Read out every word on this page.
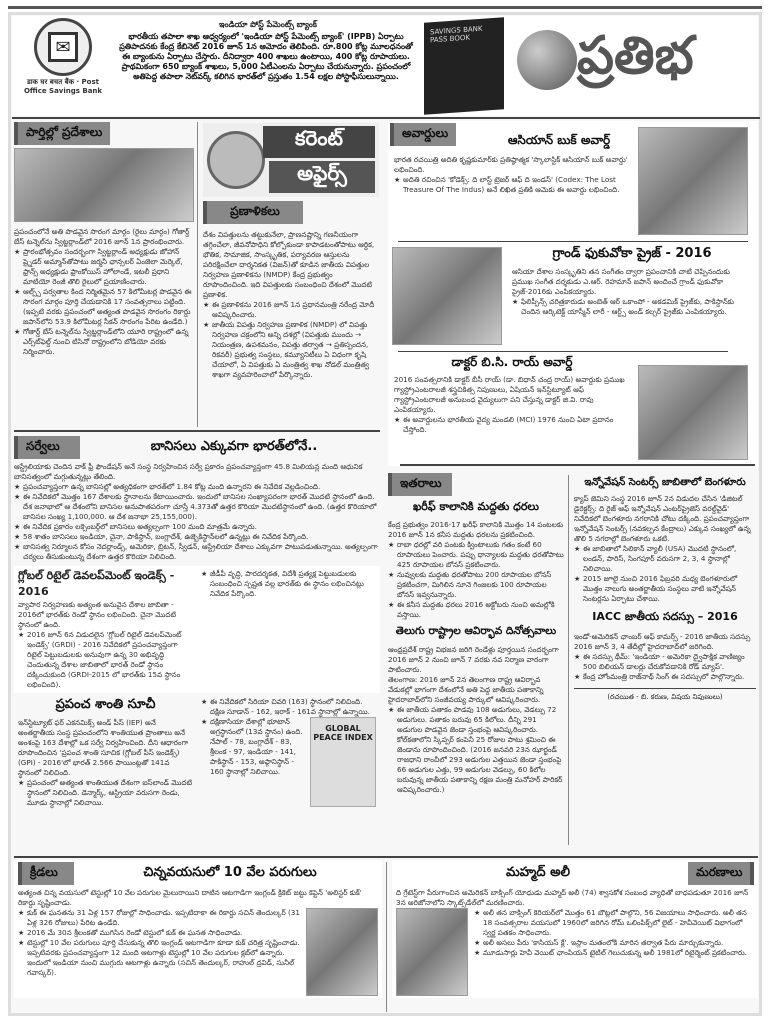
✉
डाक घर बचत बैंक · Post Office Savings Bank
ఇండియా పోస్ట్ పేమెంట్స్ బ్యాంక్
భారతీయ తపాలా శాఖ ఆధ్వర్యంలో 'ఇండియా పోస్ట్ పేమెంట్స్ బ్యాంక్' (IPPB) ఏర్పాటు ప్రతిపాదనకు కేంద్ర కేబినెట్ 2016 జూన్ 1న ఆమోదం తెలిపింది. రూ.800 కోట్ల మూలధనంతో ఈ బ్యాంకును ఏర్పాటు చేస్తారు. దీనిద్వారా 400 శాఖలు ఉంటాయి, 400 కోట్ల రూపాయలు. ప్రాథమికంగా 650 బ్యాంక్ శాఖలు, 5,000 ఏటీఎంలను ఏర్పాటు చేయనున్నారు. ప్రపంచంలో అతిపెద్ద తపాలా నెట్‌వర్క్ కలిగిన భారత్‌లో ప్రస్తుతం 1.54 లక్షల పోస్టాఫీసులున్నాయి.
SAVINGS BANK PASS BOOK	ప్రతిభ
పార్తిల్లో ప్రదేశాలు

ప్రపంచంలోనే అతి పొడవైన సొరంగ మార్గం (రైలు మార్గం) గోతార్డ్ బేస్ టన్నెల్‌ను స్విట్జర్లాండ్‌లో 2016 జూన్ 1న ప్రారంభించారు.

★ ప్రారంభోత్సవం సందర్భంగా స్విట్జర్లాండ్ అధ్యక్షుడు జోహాన్ ష్నైడర్ అమ్మాన్‌తోపాటు జర్మనీ ఛాన్సలర్ ఏంజెలా మెర్కెల్, ఫ్రాన్స్ అధ్యక్షుడు ఫ్రాంకోయిస్ హోలాండే, ఇటలీ ప్రధాని మాటియో రెంజీ తొలి రైలులో ప్రయాణించారు.
★ ఆల్ప్స్ పర్వతాల కింద నిర్మితమైన 57 కిలోమీటర్ల పొడవైన ఈ సొరంగ మార్గం పూర్తి చేయడానికి 17 సంవత్సరాలు పట్టింది. (ఇప్పటి వరకు ప్రపంచంలో అత్యంత పొడవైన సొరంగం రికార్డు జపాన్‌లోని 53.9 కిలోమీటర్ల సీకన్ సొరంగం పేరిట ఉండేది.)
★ గోతార్డ్ బేస్ టన్నెల్‌ను స్విట్జర్లాండ్‌లోని యూరి రాష్ట్రంలో ఉన్న ఎర్స్‌ట్‌ఫెల్డ్ నుంచి టిసినో రాష్ట్రంలోని బోడియో వరకు నిర్మించారు.
కరెంట్
అఫైర్స్
ప్రణాళికలు

దేశం విపత్తులను తట్టుకునేలా, ప్రాణనష్టాన్ని గణనీయంగా తగ్గించేలా, జీవనోపాధిని కోల్పోకుండా కాపాడటంతోపాటు ఆర్థిక, భౌతిక, సామాజిక, సాంస్కృతిక, పర్యావరణ ఆస్తులను పరిరక్షించేలా దార్శనికత (విజన్)తో కూడిన జాతీయ విపత్తుల నిర్వహణ ప్రణాళికను (NMDP) కేంద్ర ప్రభుత్వం రూపొందించింది. ఇది విపత్తులకు సంబంధించి దేశంలో మొదటి ప్రణాళిక.

★ ఈ ప్రణాళికను 2016 జూన్ 1న ప్రధానమంత్రి నరేంద్ర మోదీ ఆవిష్కరించారు.
★ జాతీయ విపత్తు నిర్వహణ ప్రణాళిక (NMDP) లో విపత్తు నిర్వహణ చక్రంలోని అన్ని దశల్లో (విపత్తుకు ముందు → నియంత్రణ, ఉపశమనం, విపత్తు తర్వాత → ప్రతిస్పందన, రికవరీ) ప్రభుత్వ సంస్థలు, కమ్యూనిటీలు ఏ విధంగా కృషి చేయాలో, ఏ విపత్తుకు ఏ మంత్రిత్వ శాఖ నోడల్ మంత్రిత్వ శాఖగా వ్యవహరించాలో పేర్కొన్నారు.
అవార్డులు	ఆసియాన్ బుక్ అవార్డ్

భారత రచయిత్రి అదితి కృష్ణకుమార్‌కు ప్రతిష్ఠాత్మక 'స్కొలాస్టిక్ ఆసియాన్ బుక్ అవార్డు' లభించింది.

★ అదితి రచించిన 'కోడెక్స్: ది లాస్ట్ ట్రెజర్ ఆఫ్ ది ఇండస్' (Codex: The Lost Treasure Of The Indus) అనే లిఖిత ప్రతికి ఆమెకు ఈ అవార్డు లభించింది.
గ్రాండ్ ఫుకువోకా ప్రైజ్ - 2016

ఆసియా దేశాల సంస్కృతిని తన సంగీతం ద్వారా ప్రపంచానికి చాటి చెప్పినందుకు ప్రముఖ సంగీత దర్శకుడు ఎ.ఆర్. రెహమాన్ జపాన్ అందించే గ్రాండ్ ఫుకువోకా ప్రైజ్-2016కు ఎంపికయ్యారు.

★ ఫిలిప్పీన్స్ చరిత్రకారుడు అంబెత్ ఆర్ ఒకాంపో - అకడమిక్ ప్రైజ్‌కు, పాకిస్థాన్‌కు చెందిన ఆర్కిటెక్ట్ యాస్మీన్ లారీ - ఆర్ట్స్ అండ్ కల్చర్ ప్రైజ్‌కు ఎంపికయ్యారు.
డాక్టర్ బి.సి. రాయ్ అవార్డ్

2016 సంవత్సరానికి డాక్టర్ బీసీ రాయ్ (డా. బిధాన్ చంద్ర రాయ్) అవార్డుకు ప్రముఖ గ్యాస్ట్రోఎంటరాలజీ శస్త్రచికిత్స నిపుణులు, ఏషియన్ ఇన్‌స్టిట్యూట్ ఆఫ్ గ్యాస్ట్రోఎంటరాలజీ అనుబంధ వైద్యులుగా పని చేస్తున్న డాక్టర్ జి.వి. రావు ఎంపికయ్యారు.

★ ఈ అవార్డులను భారతీయ వైద్య మండలి (MCI) 1976 నుంచి ఏటా ప్రదానం చేస్తోంది.
సర్వేలు	బానిసలు ఎక్కువగా భారత్‌లోనే..

ఆస్ట్రేలియాకు చెందిన వాక్ ఫ్రీ ఫౌండేషన్ అనే సంస్థ నిర్వహించిన సర్వే ప్రకారం ప్రపంచవ్యాప్తంగా 45.8 మిలియన్ల మంది ఆధునిక బానిసత్వంలో మగ్గుతున్నట్లు తేలింది.

★ ప్రపంచవ్యాప్తంగా ఉన్న బానిసల్లో అత్యధికంగా భారత్‌లో 1.84 కోట్ల మంది ఉన్నారని ఈ నివేదిక వెల్లడించింది.
★ ఈ నివేదికలో మొత్తం 167 దేశాలకు స్థానాలను కేటాయించారు. ఇందులో బానిసల సంఖ్యాపరంగా భారత్ మొదటి స్థానంలో ఉంది. దేశ జనాభాలో ఆ దేశంలోని బానిసల అనుపాతపరంగా చూస్తే 4.373తో ఉత్తర కొరియా మొదటిస్థానంలో ఉంది. (ఉత్తర కొరియాలో బానిసల సంఖ్య 1,100,000. ఆ దేశ జనాభా 25,155,000).
★ ఈ నివేదిక ప్రకారం లక్సెంబర్గ్‌లో బానిసలు అత్యల్పంగా 100 మంది మాత్రమే ఉన్నారు.
★ 58 శాతం బానిసలు ఇండియా, చైనా, పాకిస్థాన్, బంగ్లాదేశ్, ఉజ్బెకిస్థాన్‌లలో ఉన్నట్లు ఈ నివేదిక పేర్కొంది.
★ బానిసత్వ నిర్మూలన కోసం నెదర్లాండ్స్, అమెరికా, బ్రిటన్, స్వీడన్, ఆస్ట్రేలియా దేశాలు ఎక్కువగా పాటుపడుతున్నాయి. అత్యల్పంగా చర్యలు తీసుకుంటున్న దేశంగా ఉత్తర కొరియా నిలిచింది.
గ్లోబల్ రిటైల్ డెవలప్‌మెంట్ ఇండెక్స్ - 2016

వ్యాపార నిర్వహణకు అత్యంత అనువైన దేశాల జాబితా - 2016లో భారత్‌కు రెండో స్థానం లభించింది. చైనా మొదటి స్థానంలో ఉంది.

★ 2016 జూన్ 6న విడుదలైన 'గ్లోబల్ రిటైల్ డెవలప్‌మెంట్ ఇండెక్స్' (GRDI) - 2016 నివేదికలో ప్రపంచవ్యాప్తంగా రిటైల్ పెట్టుబడులకు అనువుగా ఉన్న 30 అభివృద్ధి చెందుతున్న దేశాల జాబితాలో భారత్ రెండో స్థానం దక్కించుకుంది (GRDI-2015 లో భారత్‌కు 15వ స్థానం లభించింది).
★ జీడీపీ వృద్ధి, పారదర్శకత, విదేశీ ప్రత్యక్ష పెట్టుబడులకు సంబంధించి స్పష్టత వల్ల భారత్‌కు ఈ స్థానం లభించినట్లు నివేదిక పేర్కొంది.
ప్రపంచ శాంతి సూచీ

ఇన్‌స్టిట్యూట్ ఫర్ ఎకనమిక్స్ అండ్ పీస్ (IEP) అనే అంతర్జాతీయ సంస్థ ప్రపంచంలోని శాంతియుత ప్రాంతాలు అనే అంశంపై 163 దేశాల్లో ఒక సర్వే నిర్వహించింది. దీని ఆధారంగా రూపొందించిన 'ప్రపంచ శాంతి సూచిక (గ్లోబల్ పీస్ ఇండెక్స్) (GPI) - 2016'లో భారత్ 2.566 పాయింట్లతో 141వ స్థానంలో నిలిచింది.

★ ప్రపంచంలో అత్యంత శాంతియుత దేశంగా ఐస్‌లాండ్ మొదటి స్థానంలో నిలిచింది. డెన్మార్క్, ఆస్ట్రియా వరుసగా రెండు, మూడు స్థానాల్లో నిలిచాయి.
★ ఈ నివేదికలో సిరియా చివరి (163) స్థానంలో నిలిచింది. దక్షిణ సూడాన్ - 162, ఇరాక్ - 161వ స్థానాల్లో ఉన్నాయి.
★ దక్షిణాసియా దేశాల్లో భూటాన్ అగ్రస్థానంలో (13వ స్థానం) ఉంది. నేపాల్ - 78, బంగ్లాదేశ్ - 83, శ్రీలంక - 97, ఇండియా - 141, పాకిస్థాన్ - 153, అఫ్గానిస్థాన్ - 160 స్థానాల్లో నిలిచాయి.
GLOBAL PEACE INDEX
ఇతరాలు
ఖరీఫ్ కాలానికి మద్దతు ధరలు

కేంద్ర ప్రభుత్వం 2016-17 ఖరీఫ్ కాలానికి మొత్తం 14 పంటలకు 2016 జూన్ 1న కనీస మద్దతు ధరలను ప్రకటించింది.

★ రాబా ధరల్లో వరి పంటకు క్వింటాలుకు గతం కంటే 60 రూపాయలు పెంచారు. పప్పు ధాన్యాలకు మద్దతు ధరతోపాటు 425 రూపాయల బోనస్ ప్రకటించారు.
★ నువ్వులకు మద్దతు ధరతోపాటు 200 రూపాయల బోనస్ ప్రకటించగా, మిగిలిన నూనె గింజలకు 100 రూపాయల బోనస్ ఇవ్వనున్నారు.
★ ఈ కనీస మద్దతు ధరలు 2016 అక్టోబరు నుంచి అమల్లోకి వస్తాయి.
తెలుగు రాష్ట్రాల ఆవిర్భావ దినోత్సవాలు

ఆంధ్రప్రదేశ్ రాష్ట్ర విభజన జరిగి రెండేళ్లు పూర్తయిన సందర్భంగా 2016 జూన్ 2 నుంచి జూన్ 7 వరకు నవ నిర్మాణ వారంగా పాటించారు.

తెలంగాణ: 2016 జూన్ 2న తెలంగాణ రాష్ట్ర ఆవిర్భావ వేడుకల్లో భాగంగా దేశంలోనే అతి పెద్ద జాతీయ పతాకాన్ని హైదరాబాద్‌లోని సంజీవయ్య పార్కులో ఆవిష్కరించారు.

★ ఈ జాతీయ పతాకం పొడవు 108 అడుగులు, వెడల్పు 72 అడుగులు. పతాకం బరువు 65 కిలోలు. దీన్ని 291 అడుగుల పొడవైన జెండా స్తంభంపై ఆవిష్కరించారు. కోల్‌కతాలోని స్కిప్పర్ కంపెనీ 25 రోజుల పాటు శ్రమించి ఈ జెండాను రూపొందించింది. (2016 జనవరి 23న ఝార్ఖండ్ రాజధాని రాంచీలో 293 అడుగుల ఎత్తయిన జెండా స్తంభంపై 66 అడుగుల ఎత్తు, 99 అడుగుల వెడల్పు, 60 కిలోల బరువున్న జాతీయ పతాకాన్ని రక్షణ మంత్రి మనోహర్ పారికర్ ఆవిష్కరించారు.)
ఇన్నోవేషన్ సెంటర్స్ జాబితాలో బెంగళూరు

క్యాప్ జెమిని సంస్థ 2016 జూన్ 2న విడుదల చేసిన 'డిజిటల్ డైరెక్టర్స్: ది రైజ్ ఆఫ్ ఇన్నోవేషన్ ఎంటర్‌ప్రైజెస్ వరల్డ్‌వైడ్' నివేదికలో బెంగళూరు నగరానికి చోటు దక్కింది. ప్రపంచవ్యాప్తంగా ఇన్నోవేషన్ సెంటర్స్ (నవకల్పన కేంద్రాలు) ఎక్కువ సంఖ్యలో ఉన్న తొలి 5 నగరాల్లో బెంగళూరు ఒకటి.

★ ఈ జాబితాలో సిలికాన్ వ్యాలీ (USA) మొదటి స్థానంలో, లండన్, పారిస్, సింగపూర్ వరుసగా 2, 3, 4 స్థానాల్లో నిలిచాయి.
★ 2015 జూలై నుంచి 2016 ఫిబ్రవరి మధ్య బెంగళూరులో మొత్తం నాలుగు అంతర్జాతీయ సంస్థలు వాటి ఇన్నోవేషన్ సెంటర్లను ఏర్పాటు చేశాయి.
IACC జాతీయ సదస్సు – 2016

ఇండో-అమెరికన్ ఛాంబర్ ఆఫ్ కామర్స్ - 2016 జాతీయ సదస్సు 2016 జూన్ 3, 4 తేదీల్లో హైదరాబాద్‌లో జరిగింది.

★ ఈ సదస్సు థీమ్: 'ఇండియా - అమెరికా ద్వైపాక్షిక వాణిజ్యం 500 బిలియన్ డాలర్లు చేరుకోవడానికి రోడ్ మ్యాప్'.
★ కేంద్ర హోంమంత్రి రాజ్‌నాథ్ సింగ్ ఈ సదస్సులో పాల్గొన్నారు.
(రచయిత - బి. కరుణ, విషయ నిపుణులు)
క్రీడలు	చిన్నవయసులో 10 వేల పరుగులు

అత్యంత చిన్న వయసులో టెస్టుల్లో 10 వేల పరుగుల మైలురాయిని దాటిన ఆటగాడిగా ఇంగ్లండ్ క్రికెట్ జట్టు కెప్టెన్ 'అలిస్టర్ కుక్' రికార్డు సృష్టించాడు.

★ కుక్ ఈ ఘనతను 31 ఏళ్ల 157 రోజుల్లో సాధించాడు. ఇప్పటిదాకా ఈ రికార్డు సచిన్ తెందుల్కర్ (31 ఏళ్ల 326 రోజులు) పేరిట ఉండేది.
★ 2016 మే 30న శ్రీలంకతో ముగిసిన రెండో టెస్టులో కుక్ ఈ ఘనత సాధించాడు.
★ టెస్టుల్లో 10 వేల పరుగులు పూర్తి చేసుకున్న తొలి ఇంగ్లండ్ ఆటగాడిగా కూడా కుక్ చరిత్ర సృష్టించాడు. ఇప్పటివరకు ప్రపంచవ్యాప్తంగా 12 మంది ఆటగాళ్లు టెస్టుల్లో 10 వేల పరుగుల క్లబ్‌లో ఉన్నారు. ఇందులో ఇండియా నుంచి ముగ్గురు ఆటగాళ్లు ఉన్నారు (సచిన్ తెందుల్కర్, రాహుల్ ద్రవిడ్, సునీల్ గవాస్కర్).
మహ్మద్ అలీ	మరణాలు

ది గ్రేటెస్ట్‌గా పేరుగాంచిన అమెరికన్ బాక్సింగ్ యోధుడు మహ్మద్ అలీ (74) శ్వాసకోశ సంబంధ వ్యాధితో బాధపడుతూ 2016 జూన్ 3న అరిజోనాలోని స్కాట్స్‌డేల్‌లో మరణించారు.

★ అలీ తన బాక్సింగ్ కెరియర్‌లో మొత్తం 61 బౌట్లలో పాల్గొని, 56 విజయాలు సాధించారు. అలీ తన 18 సంవత్సరాల వయసులో 1960లో జరిగిన రోమ్ ఒలింపిక్స్‌లో లైట్ - హెవీవెయిట్ విభాగంలో స్వర్ణ పతకం సాధించారు.
★ అలీ అసలు పేరు 'కాసియస్ క్లే'. ఇస్లాం మతంలోకి మారిన తర్వాత పేరు మార్చుకున్నారు.
★ మూడుసార్లు హెవీ వెయిట్ ఛాంపియన్ టైటిల్ గెలుచుకున్న అలీ 1981లో రిటైర్మెంట్ ప్రకటించారు.
